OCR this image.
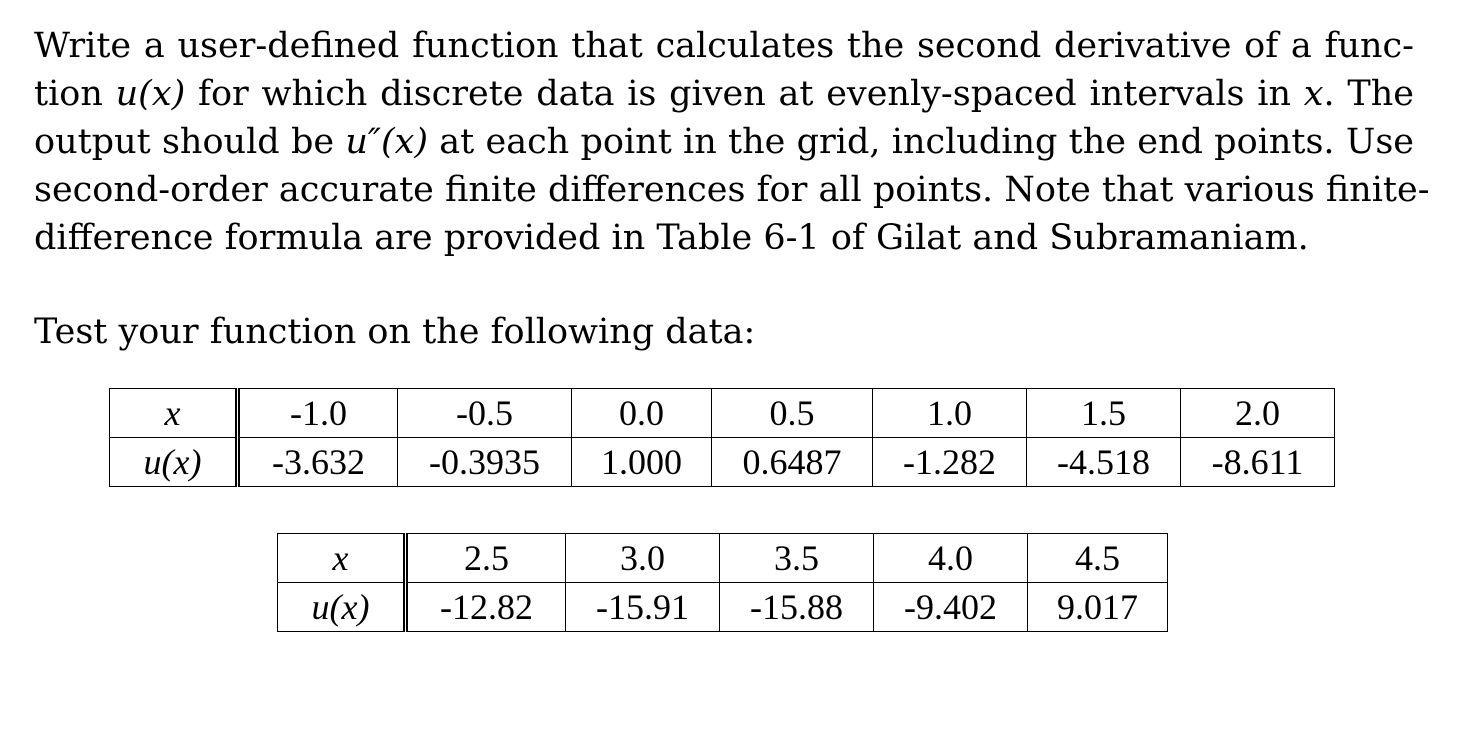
Write a user-defined function that calculates the second derivative of a func-
tion u(x) for which discrete data is given at evenly-spaced intervals in x. The
output should be u″(x) at each point in the grid, including the end points. Use
second-order accurate finite differences for all points. Note that various finite-
difference formula are provided in Table 6-1 of Gilat and Subramaniam.
Test your function on the following data:
x	-1.0	-0.5	0.0	0.5	1.0	1.5	2.0
u(x)	-3.632	-0.3935	1.000	0.6487	-1.282	-4.518	-8.611
x	2.5	3.0	3.5	4.0	4.5
u(x)	-12.82	-15.91	-15.88	-9.402	9.017
